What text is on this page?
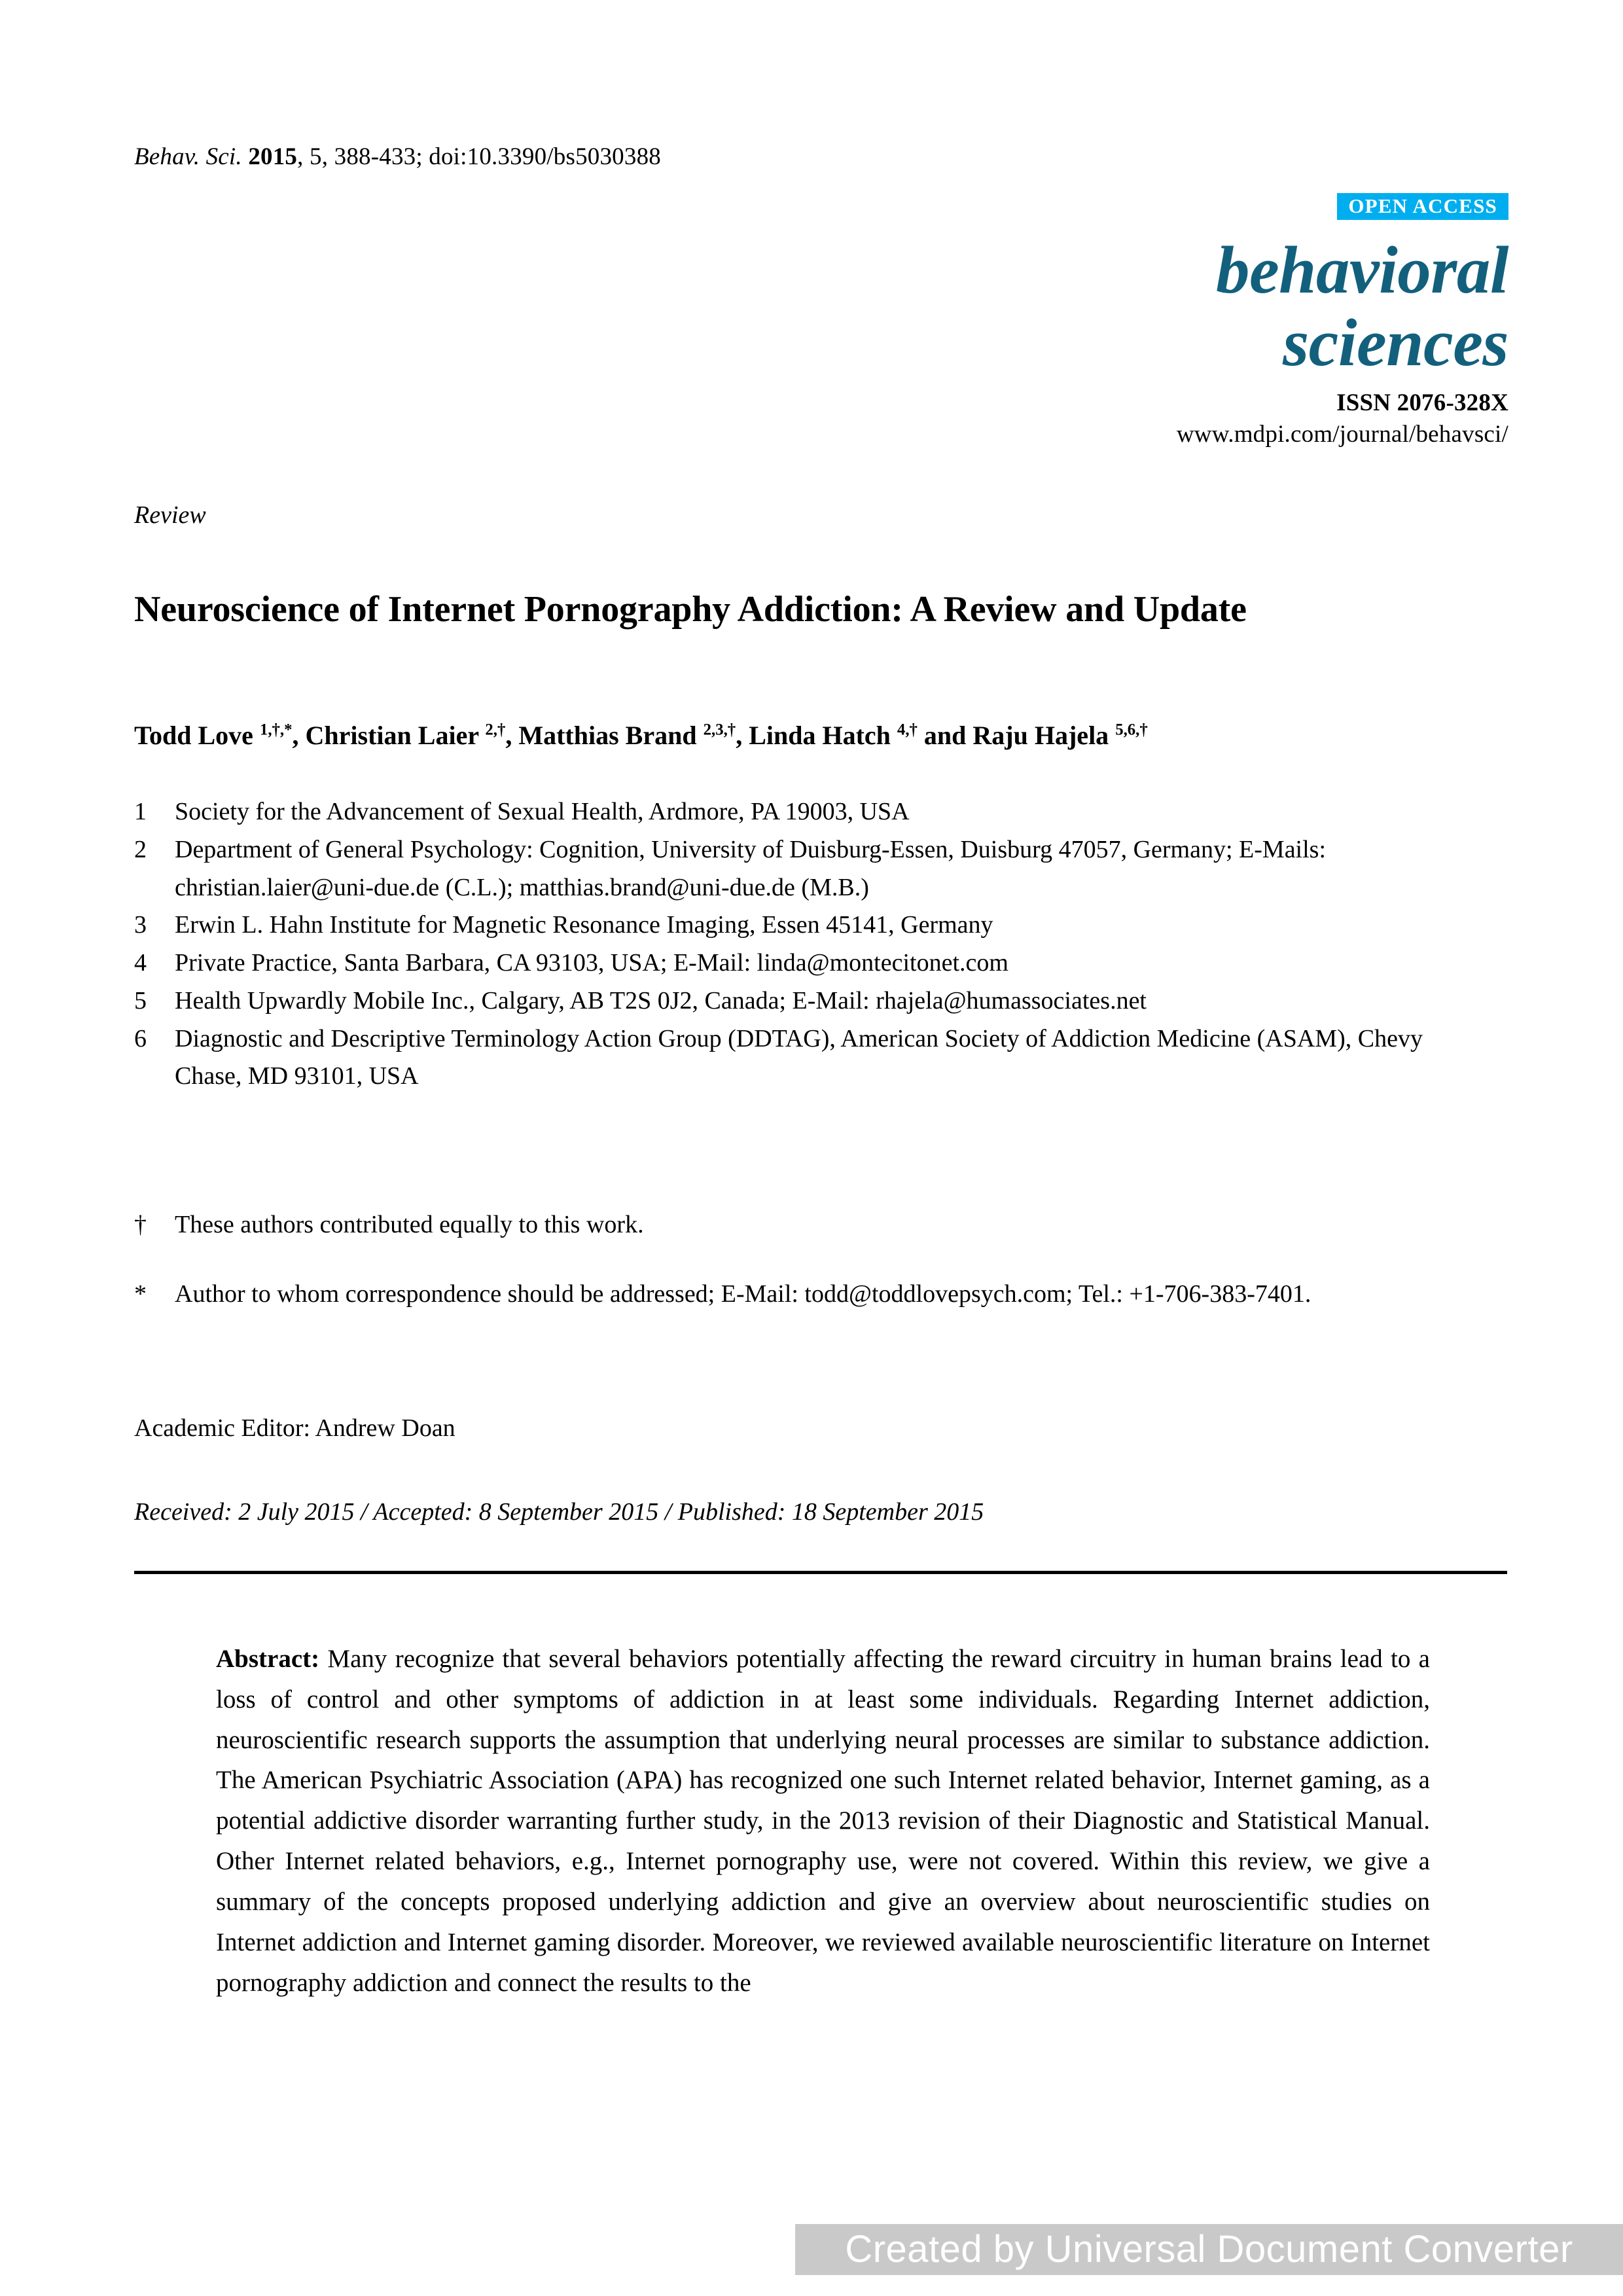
Behav. Sci. 2015, 5, 388-433; doi:10.3390/bs5030388
OPEN ACCESS
behavioral
sciences
ISSN 2076-328X
www.mdpi.com/journal/behavsci/
Review
Neuroscience of Internet Pornography Addiction: A Review and Update
Todd Love $^{1,\dagger,*}$, Christian Laier $^{2,\dagger}$, Matthias Brand $^{2,3,\dagger}$, Linda Hatch $^{4,\dagger}$ and Raju Hajela $^{5,6,\dagger}$
1	Society for the Advancement of Sexual Health, Ardmore, PA 19003, USA
2	Department of General Psychology: Cognition, University of Duisburg-Essen, Duisburg 47057, Germany; E-Mails: christian.laier@uni-due.de (C.L.); matthias.brand@uni-due.de (M.B.)
3	Erwin L. Hahn Institute for Magnetic Resonance Imaging, Essen 45141, Germany
4	Private Practice, Santa Barbara, CA 93103, USA; E-Mail: linda@montecitonet.com
5	Health Upwardly Mobile Inc., Calgary, AB T2S 0J2, Canada; E-Mail: rhajela@humassociates.net
6	Diagnostic and Descriptive Terminology Action Group (DDTAG), American Society of Addiction Medicine (ASAM), Chevy Chase, MD 93101, USA
†	These authors contributed equally to this work.
*	Author to whom correspondence should be addressed; E-Mail: todd@toddlovepsych.com; Tel.: +1-706-383-7401.
Academic Editor: Andrew Doan
Received: 2 July 2015 / Accepted: 8 September 2015 / Published: 18 September 2015

Abstract: Many recognize that several behaviors potentially affecting the reward circuitry in human brains lead to a loss of control and other symptoms of addiction in at least some individuals. Regarding Internet addiction, neuroscientific research supports the assumption that underlying neural processes are similar to substance addiction. The American Psychiatric Association (APA) has recognized one such Internet related behavior, Internet gaming, as a potential addictive disorder warranting further study, in the 2013 revision of their Diagnostic and Statistical Manual. Other Internet related behaviors, e.g., Internet pornography use, were not covered. Within this review, we give a summary of the concepts proposed underlying addiction and give an overview about neuroscientific studies on Internet addiction and Internet gaming disorder. Moreover, we reviewed available neuroscientific literature on Internet pornography addiction and connect the results to the

Created by Universal Document Converter
